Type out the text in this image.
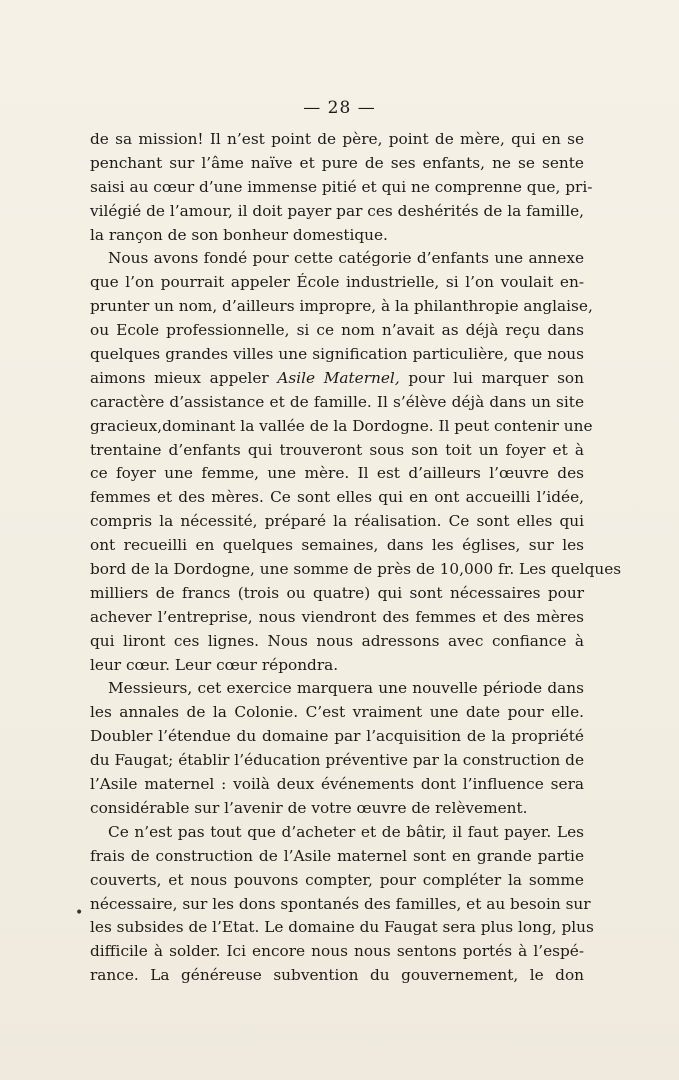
— 28 —
•
de sa mission! Il n’est point de père, point de mère, qui en se
penchant sur l’âme naïve et pure de ses enfants, ne se sente
saisi au cœur d’une immense pitié et qui ne comprenne que, pri-
vilégié de l’amour, il doit payer par ces deshérités de la famille,
la rançon de son bonheur domestique.
Nous avons fondé pour cette catégorie d’enfants une annexe
que l’on pourrait appeler École industrielle, si l’on voulait en-
prunter un nom, d’ailleurs impropre, à la philanthropie anglaise,
ou Ecole professionnelle, si ce nom n’avait as déjà reçu dans
quelques grandes villes une signification particulière, que nous
aimons mieux appeler Asile Maternel, pour lui marquer son
caractère d’assistance et de famille. Il s’élève déjà dans un site
gracieux,dominant la vallée de la Dordogne. Il peut contenir une
trentaine d’enfants qui trouveront sous son toit un foyer et à
ce foyer une femme, une mère. Il est d’ailleurs l’œuvre des
femmes et des mères. Ce sont elles qui en ont accueilli l’idée,
compris la nécessité, préparé la réalisation. Ce sont elles qui
ont recueilli en quelques semaines, dans les églises, sur les
bord de la Dordogne, une somme de près de 10,000 fr. Les quelques
milliers de francs (trois ou quatre) qui sont nécessaires pour
achever l’entreprise, nous viendront des femmes et des mères
qui liront ces lignes. Nous nous adressons avec confiance à
leur cœur. Leur cœur répondra.
Messieurs, cet exercice marquera une nouvelle période dans
les annales de la Colonie. C’est vraiment une date pour elle.
Doubler l’étendue du domaine par l’acquisition de la propriété
du Faugat; établir l’éducation préventive par la construction de
l’Asile maternel : voilà deux événements dont l’influence sera
considérable sur l’avenir de votre œuvre de relèvement.
Ce n’est pas tout que d’acheter et de bâtir, il faut payer. Les
frais de construction de l’Asile maternel sont en grande partie
couverts, et nous pouvons compter, pour compléter la somme
nécessaire, sur les dons spontanés des familles, et au besoin sur
les subsides de l’Etat. Le domaine du Faugat sera plus long, plus
difficile à solder. Ici encore nous nous sentons portés à l’espé-
rance. La généreuse subvention du gouvernement, le don
